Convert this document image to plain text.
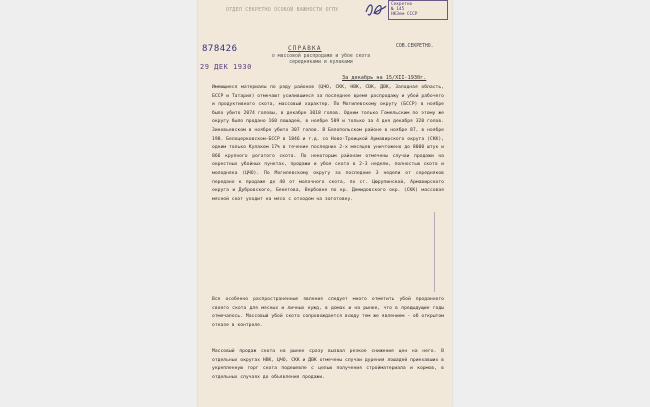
ОТДЕЛ СЕКРЕТНО ОСОБОЙ ВАЖНОСТИ ОГПУ
Секретно
№ 145
НКЗем СССР
878426
29 ДЕК 1930
СПРАВКА
о массовой распродаже и убое скота середняками и кулаками
СОВ.СЕКРЕТНО.
За декабрь на 15/XII-1930г.
Имеющиеся материалы по ряду районов (ЦЧО, СКК, НВК, СВК, ДВК, Западная область, БССР и Татария) отмечают усилившиеся за последнее время распродажу и убой рабочего и продуктивного скота, массовый характер. По Могилевскому округу (БССР) в ноябре было убито 2074 головы, в декабре 3018 голов. Одним только Гомельским по этому же округу было продано 160 лошадей, в ноябре 509 и только за 4 дня декабря 320 голов. Зиновьевском в ноябре убито 307 голов. В Белопольском районе в ноябре 87, в ноябре 198. Белоцерковском-БССР в 1846 и т.д. со Ново-Троицкой Армавирского округа (СКК), одним только Кулаком 17% в течение последних 2-х месяцев уничтожено до 8000 штук и 866 крупного рогатого скота. По некоторым районам отмечены случаи продажи на окрестных убойных пунктах, продажи и убоя скота в 2-3 недели, полностью скота и молодняка (ЦЧО). По Могилевскому округу за последние 3 недели от середняков передано к продаже до 40 от молочного скота, по ст. Цюрупинской, Армавирского округа и Дубровского, Бекетова, Вербовке по кр. Демидовского окр. (СКК) массовая мясной скот уходит на мясо с отходом на заготовку.
Все особенно распространенные явления следует много отметить убой проданного своего скота для мясных и личных нужд, в домах и на рынке, что в предыдущие годы отмечалось. Массовый убой скота сопровождается всюду тем же явлением - об открытом отказе в контроле.
Массовый продаж скота на рынке сразу вызвал резкое снижение цен на него. В отдельных округах НВК, ЦЧО, СКК и ДВК отмечены случаи дурения лошадей приехавших в укрепленную торг скота подешевле с целью получения стройматериала и кормов, в отдельных случаях до объявления продажи.
